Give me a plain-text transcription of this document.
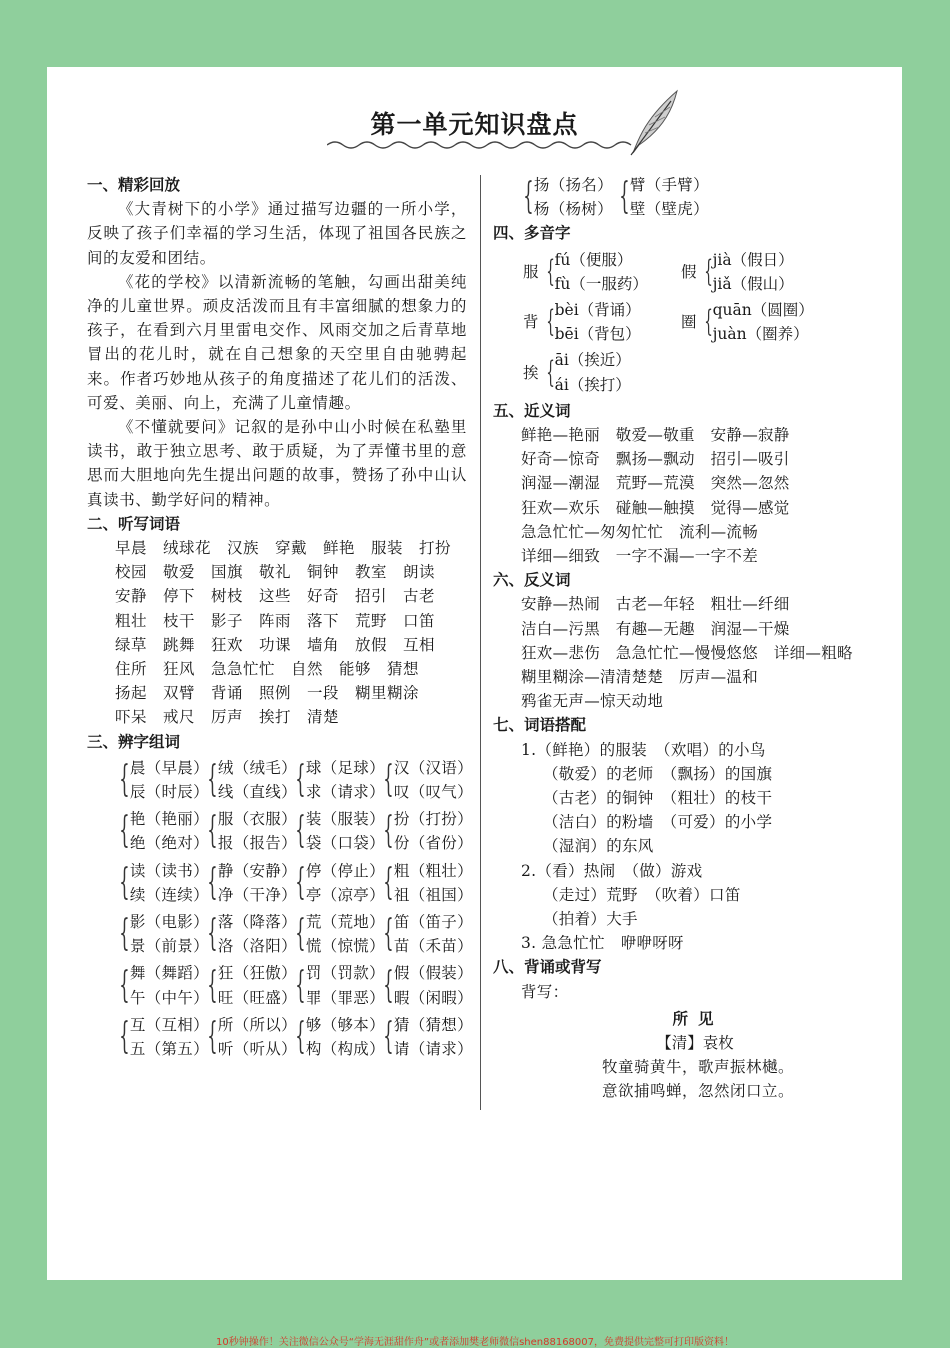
第一单元知识盘点
一、精彩回放

《大青树下的小学》通过描写边疆的一所小学，反映了孩子们幸福的学习生活，体现了祖国各民族之间的友爱和团结。

《花的学校》以清新流畅的笔触，勾画出甜美纯净的儿童世界。顽皮活泼而且有丰富细腻的想象力的孩子，在看到六月里雷电交作、风雨交加之后青草地冒出的花儿时，就在自己想象的天空里自由驰骋起来。作者巧妙地从孩子的角度描述了花儿们的活泼、可爱、美丽、向上，充满了儿童情趣。

《不懂就要问》记叙的是孙中山小时候在私塾里读书，敢于独立思考、敢于质疑，为了弄懂书里的意思而大胆地向先生提出问题的故事，赞扬了孙中山认真读书、勤学好问的精神。

二、听写词语
早晨　绒球花　汉族　穿戴　鲜艳　服装　打扮
校园　敬爱　国旗　敬礼　铜钟　教室　朗读
安静　停下　树枝　这些　好奇　招引　古老
粗壮　枝干　影子　阵雨　落下　荒野　口笛
绿草　跳舞　狂欢　功课　墙角　放假　互相
住所　狂风　急急忙忙　自然　能够　猜想
扬起　双臂　背诵　照例　一段　糊里糊涂
吓呆　戒尺　厉声　挨打　清楚
三、辨字组词
{ 晨（早晨）
辰（时辰）
{ 绒（绒毛）
线（直线）
{ 球（足球）
求（请求）
{ 汉（汉语）
叹（叹气）
{ 艳（艳丽）
绝（绝对）
{ 服（衣服）
报（报告）
{ 装（服装）
袋（口袋）
{ 扮（打扮）
份（省份）
{ 读（读书）
续（连续）
{ 静（安静）
净（干净）
{ 停（停止）
亭（凉亭）
{ 粗（粗壮）
祖（祖国）
{ 影（电影）
景（前景）
{ 落（降落）
洛（洛阳）
{ 荒（荒地）
慌（惊慌）
{ 笛（笛子）
苗（禾苗）
{ 舞（舞蹈）
午（中午）
{ 狂（狂傲）
旺（旺盛）
{ 罚（罚款）
罪（罪恶）
{ 假（假装）
暇（闲暇）
{ 互（互相）
五（第五）
{ 所（所以）
听（听从）
{ 够（够本）
构（构成）
{ 猜（猜想）
请（请求）
{ 扬（扬名）
杨（杨树） { 臂（手臂）
壁（壁虎）
四、多音字
服 { fú（便服）
fù（一服药）
假 { jià（假日）
jiǎ（假山）
背 { bèi（背诵）
bēi（背包）
圈 { quān（圆圈）
juàn（圈养）
挨 { āi（挨近）
ái（挨打）
五、近义词
鲜艳—艳丽　敬爱—敬重　安静—寂静
好奇—惊奇　飘扬—飘动　招引—吸引
润湿—潮湿　荒野—荒漠　突然—忽然
狂欢—欢乐　碰触—触摸　觉得—感觉
急急忙忙—匆匆忙忙　流利—流畅
详细—细致　一字不漏—一字不差
六、反义词
安静—热闹　古老—年轻　粗壮—纤细
洁白—污黑　有趣—无趣　润湿—干燥
狂欢—悲伤　急急忙忙—慢慢悠悠　详细—粗略
糊里糊涂—清清楚楚　厉声—温和
鸦雀无声—惊天动地
七、词语搭配
1.（鲜艳）的服装　（欢唱）的小鸟
（敬爱）的老师　（飘扬）的国旗
（古老）的铜钟　（粗壮）的枝干
（洁白）的粉墙　（可爱）的小学
（湿润）的东风
2.（看）热闹　（做）游戏
（走过）荒野　（吹着）口笛
（拍着）大手
3. 急急忙忙　咿咿呀呀
八、背诵或背写
背写：
所见
【清】袁枚
牧童骑黄牛，歌声振林樾。
意欲捕鸣蝉，忽然闭口立。
10秒钟操作！关注微信公众号“学海无涯甜作舟”或者添加樊老师微信shen88168007，免费提供完整可打印版资料！
